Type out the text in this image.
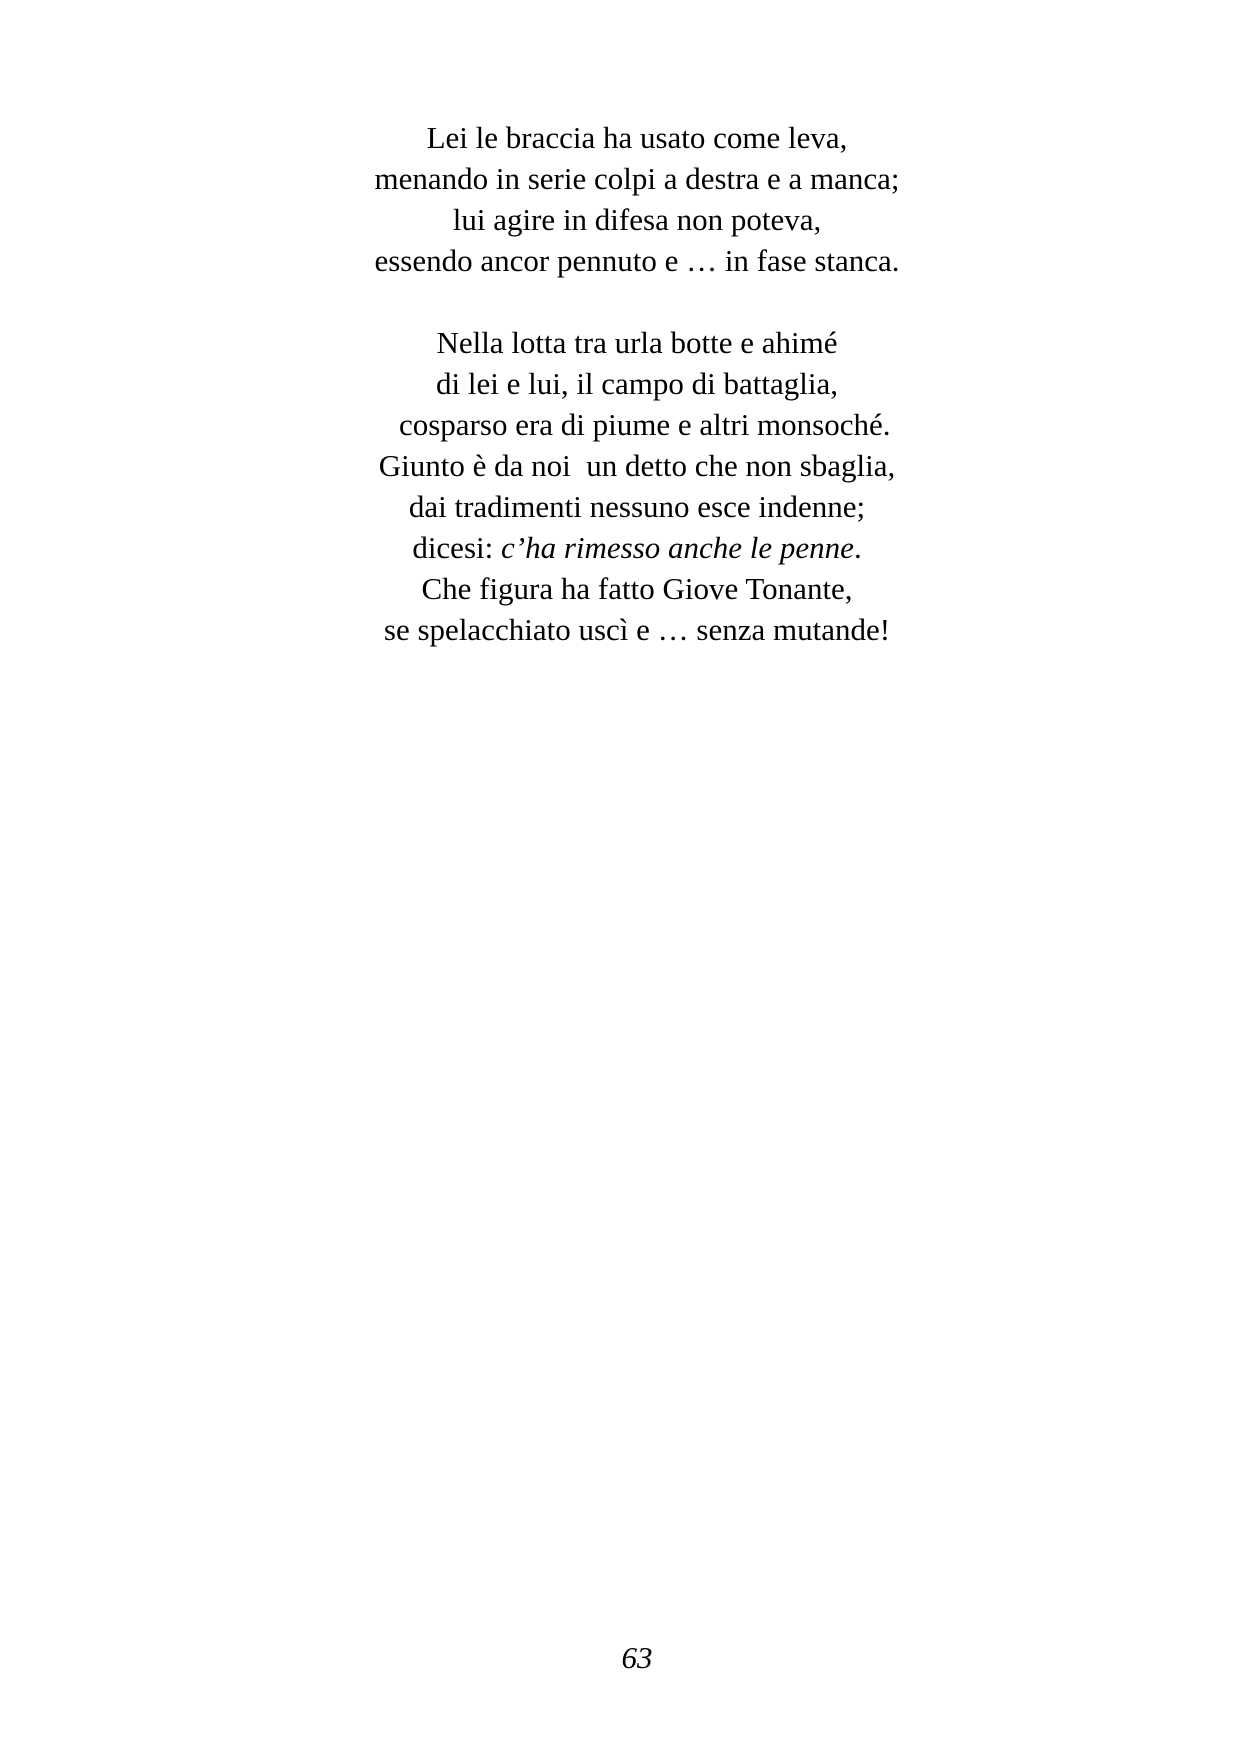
Lei le braccia ha usato come leva,
menando in serie colpi a destra e a manca;
lui agire in difesa non poteva,
essendo ancor pennuto e … in fase stanca.
Nella lotta tra urla botte e ahimé
di lei e lui, il campo di battaglia,
cosparso era di piume e altri monsoché.
Giunto è da noi  un detto che non sbaglia,
dai tradimenti nessuno esce indenne;
dicesi: c’ha rimesso anche le penne.
Che figura ha fatto Giove Tonante,
se spelacchiato uscì e … senza mutande!
63
